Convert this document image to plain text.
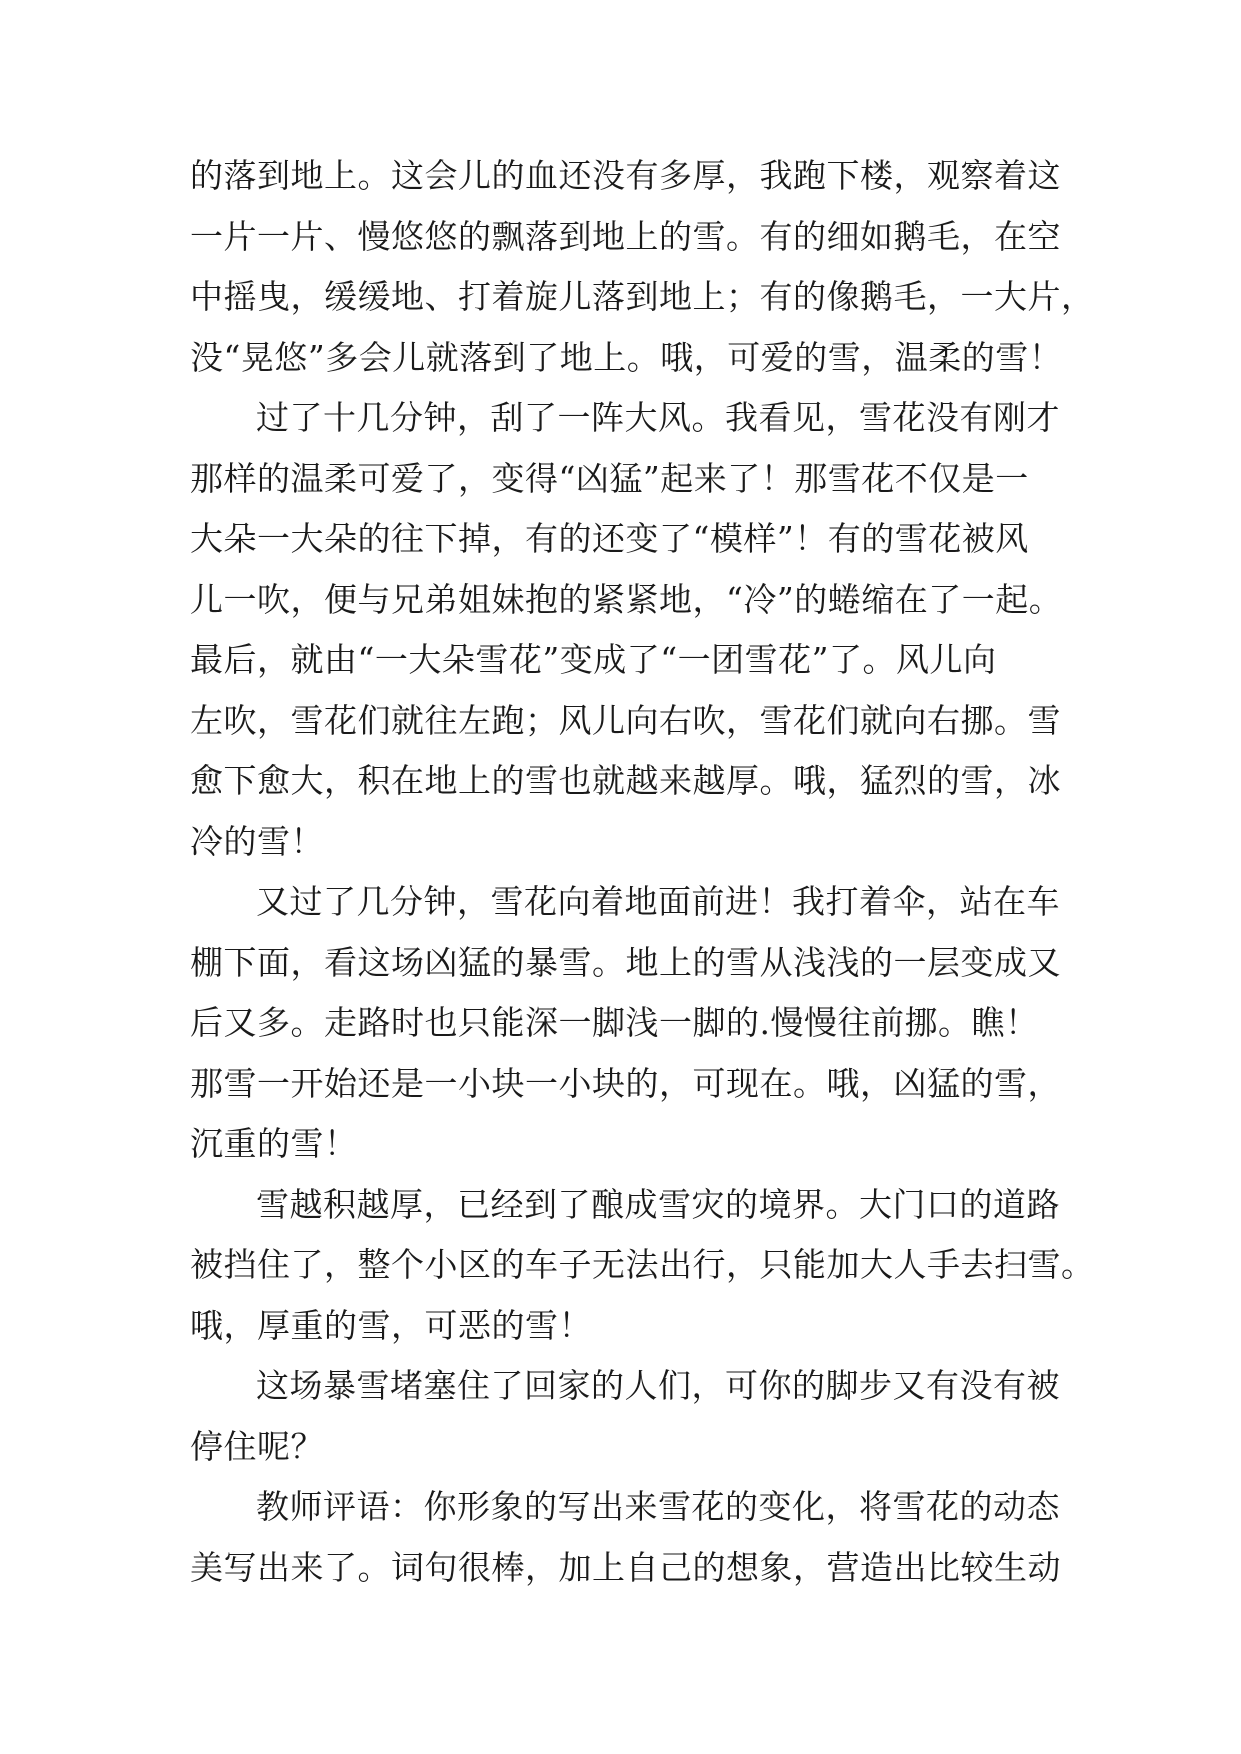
的落到地上。这会儿的血还没有多厚，我跑下楼，观察着这
一片一片、慢悠悠的飘落到地上的雪。有的细如鹅毛，在空
中摇曳，缓缓地、打着旋儿落到地上；有的像鹅毛，一大片，
没“晃悠”多会儿就落到了地上。哦，可爱的雪，温柔的雪！
过了十几分钟，刮了一阵大风。我看见，雪花没有刚才
那样的温柔可爱了，变得“凶猛”起来了！那雪花不仅是一
大朵一大朵的往下掉，有的还变了“模样”！有的雪花被风
儿一吹，便与兄弟姐妹抱的紧紧地，“冷”的蜷缩在了一起。
最后，就由“一大朵雪花”变成了“一团雪花”了。风儿向
左吹，雪花们就往左跑；风儿向右吹，雪花们就向右挪。雪
愈下愈大，积在地上的雪也就越来越厚。哦，猛烈的雪，冰
冷的雪！
又过了几分钟，雪花向着地面前进！我打着伞，站在车
棚下面，看这场凶猛的暴雪。地上的雪从浅浅的一层变成又
后又多。走路时也只能深一脚浅一脚的.慢慢往前挪。瞧！
那雪一开始还是一小块一小块的，可现在。哦，凶猛的雪，
沉重的雪！
雪越积越厚，已经到了酿成雪灾的境界。大门口的道路
被挡住了，整个小区的车子无法出行，只能加大人手去扫雪。
哦，厚重的雪，可恶的雪！
这场暴雪堵塞住了回家的人们，可你的脚步又有没有被
停住呢？
教师评语：你形象的写出来雪花的变化，将雪花的动态
美写出来了。词句很棒，加上自己的想象，营造出比较生动
